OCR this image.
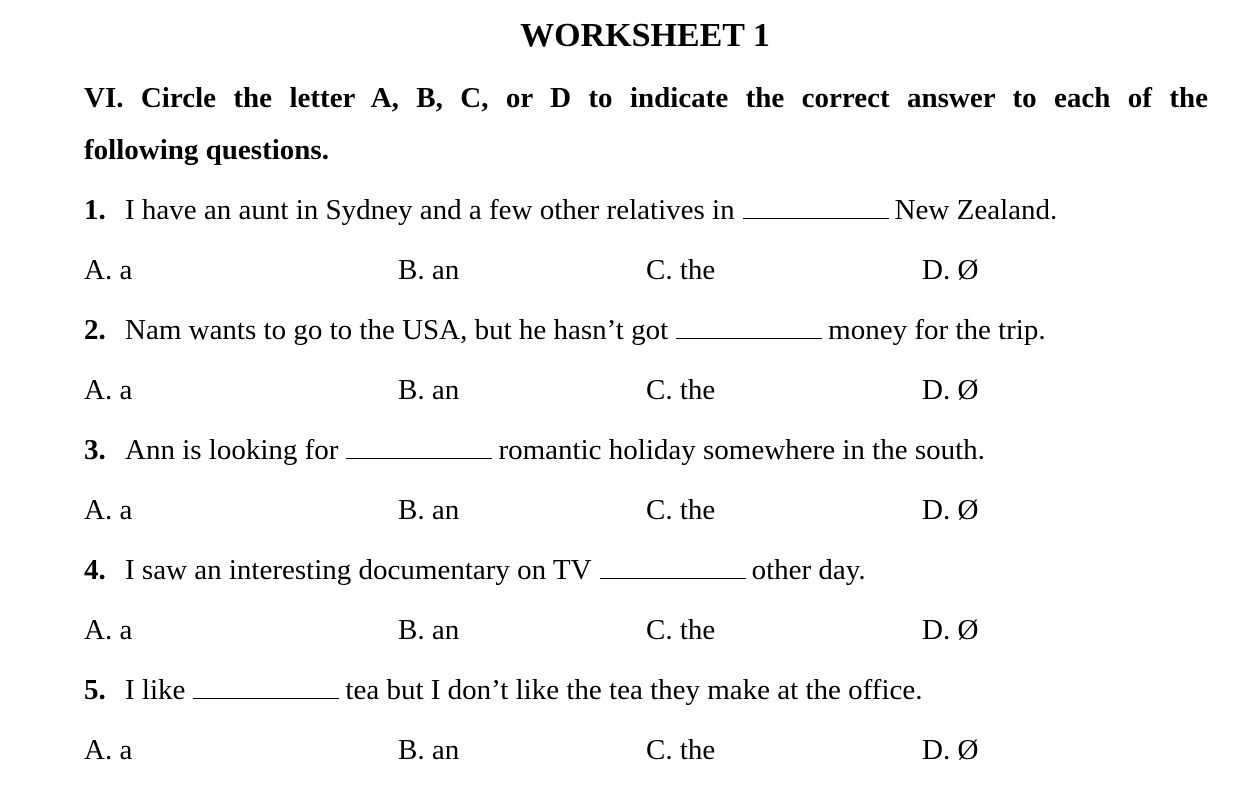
WORKSHEET 1
VI. Circle the letter A, B, C, or D to indicate the correct answer to each of the
following questions.
1. I have an aunt in Sydney and a few other relatives in	New Zealand.
A. a	B. an	C. the	D. Ø
2. Nam wants to go to the USA, but he hasn’t got	money for the trip.
A. a	B. an	C. the	D. Ø
3. Ann is looking for	romantic holiday somewhere in the south.
A. a	B. an	C. the	D. Ø
4. I saw an interesting documentary on TV	other day.
A. a	B. an	C. the	D. Ø
5. I like	tea but I don’t like the tea they make at the office.
A. a	B. an	C. the	D. Ø
